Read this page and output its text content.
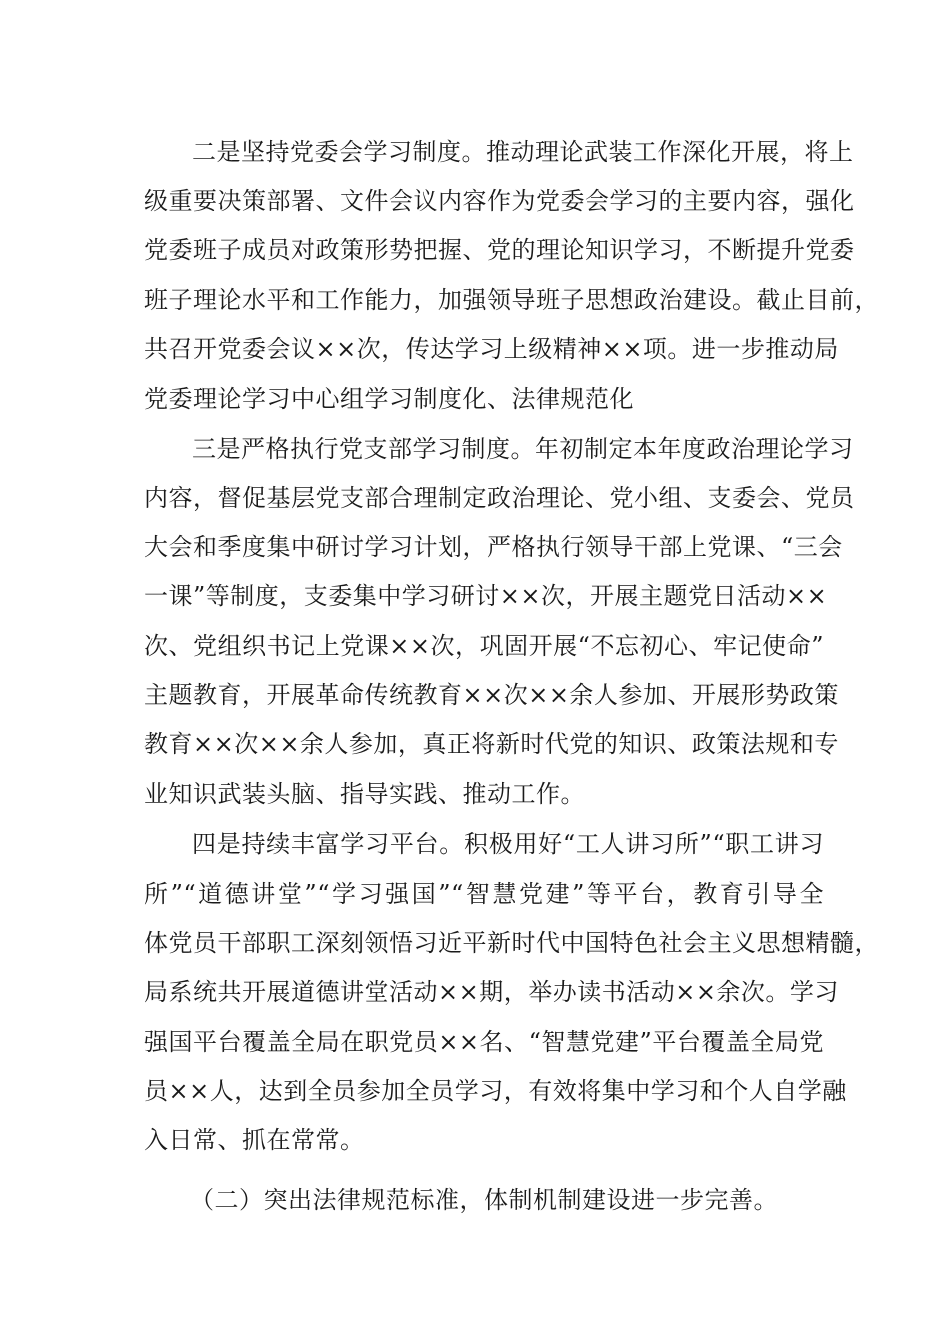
二是坚持党委会学习制度。推动理论武装工作深化开展，将上
级重要决策部署、文件会议内容作为党委会学习的主要内容，强化
党委班子成员对政策形势把握、党的理论知识学习，不断提升党委
班子理论水平和工作能力，加强领导班子思想政治建设。截止目前，
共召开党委会议××次，传达学习上级精神××项。进一步推动局
党委理论学习中心组学习制度化、法律规范化
三是严格执行党支部学习制度。年初制定本年度政治理论学习
内容，督促基层党支部合理制定政治理论、党小组、支委会、党员
大会和季度集中研讨学习计划，严格执行领导干部上党课、“三会
一课”等制度，支委集中学习研讨××次，开展主题党日活动××
次、党组织书记上党课××次，巩固开展“不忘初心、牢记使命”
主题教育，开展革命传统教育××次××余人参加、开展形势政策
教育××次××余人参加，真正将新时代党的知识、政策法规和专
业知识武装头脑、指导实践、推动工作。
四是持续丰富学习平台。积极用好“工人讲习所”“职工讲习
所”“道德讲堂”“学习强国”“智慧党建”等平台，教育引导全
体党员干部职工深刻领悟习近平新时代中国特色社会主义思想精髓，
局系统共开展道德讲堂活动××期，举办读书活动××余次。学习
强国平台覆盖全局在职党员××名、“智慧党建”平台覆盖全局党
员××人，达到全员参加全员学习，有效将集中学习和个人自学融
入日常、抓在常常。
（二）突出法律规范标准，体制机制建设进一步完善。
